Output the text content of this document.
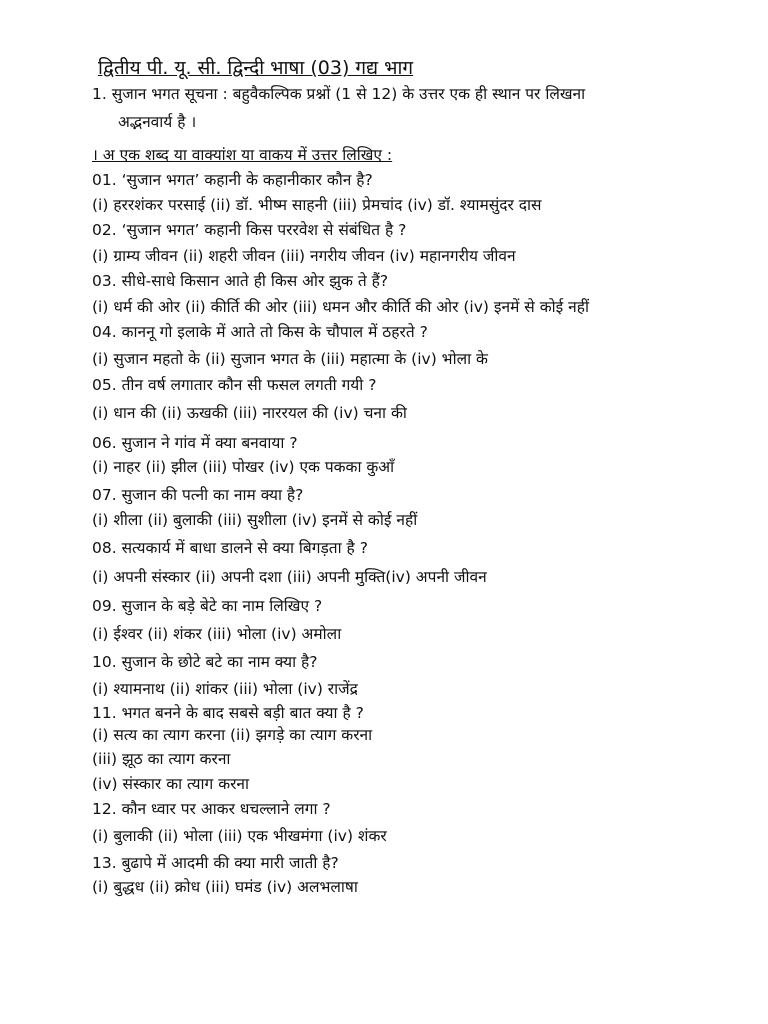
द्वितीय पी. यू. सी. द्विन्दी भाषा (03) गद्य भाग
1. सुजान भगत सूचना : बहुवैकल्पिक प्रश्नों (1 से 12) के उत्तर एक ही स्थान पर लिखना
अद्भनवार्य है ।
। अ एक शब्द या वाक्यांश या वाकय में उत्तर लिखिए :
01. ‘सुजान भगत’ कहानी के कहानीकार कौन है?
(i) हररशंकर परसाई (ii) डॉ. भीष्म साहनी (iii) प्रेमचांद (iv) डॉ. श्यामसुंदर दास
02. ‘सुजान भगत’ कहानी किस पररवेश से संबंधित है ?
(i) ग्राम्य जीवन (ii) शहरी जीवन (iii) नगरीय जीवन (iv) महानगरीय जीवन
03. सीधे-साधे किसान आते ही किस ओर झुक ते हैं?
(i) धर्म की ओर (ii) कीर्ति की ओर (iii) धमन और कीर्ति की ओर (iv) इनमें से कोई नहीं
04. काननू गो इलाके में आते तो किस के चौपाल में ठहरते ?
(i) सुजान महतो के (ii) सुजान भगत के (iii) महात्मा के (iv) भोला के
05. तीन वर्ष लगातार कौन सी फसल लगती गयी ?
(i) धान की (ii) ऊखकी (iii) नाररयल की (iv) चना की
06. सुजान ने गांव में क्या बनवाया ?
(i) नाहर (ii) झील (iii) पोखर (iv) एक पकका कुआँ
07. सुजान की पत्नी का नाम क्या है?
(i) शीला (ii) बुलाकी (iii) सुशीला (iv) इनमें से कोई नहीं
08. सत्यकार्य में बाधा डालने से क्या बिगड़ता है ?
(i) अपनी संस्कार (ii) अपनी दशा (iii) अपनी मुक्ति(iv) अपनी जीवन
09. सुजान के बड़े बेटे का नाम लिखिए ?
(i) ईश्वर (ii) शंकर (iii) भोला (iv) अमोला
10. सुजान के छोटे बटे का नाम क्या है?
(i) श्यामनाथ (ii) शांकर (iii) भोला (iv) राजेंद्र
11. भगत बनने के बाद सबसे बड़ी बात क्या है ?
(i) सत्य का त्याग करना (ii) झगड़े का त्याग करना
(iii) झूठ का त्याग करना
(iv) संस्कार का त्याग करना
12. कौन ध्वार पर आकर धचल्लाने लगा ?
(i) बुलाकी (ii) भोला (iii) एक भीखमंगा (iv) शंकर
13. बुढापे में आदमी की क्या मारी जाती है?
(i) बुद्धध (ii) क्रोध (iii) घमंड (iv) अलभलाषा
